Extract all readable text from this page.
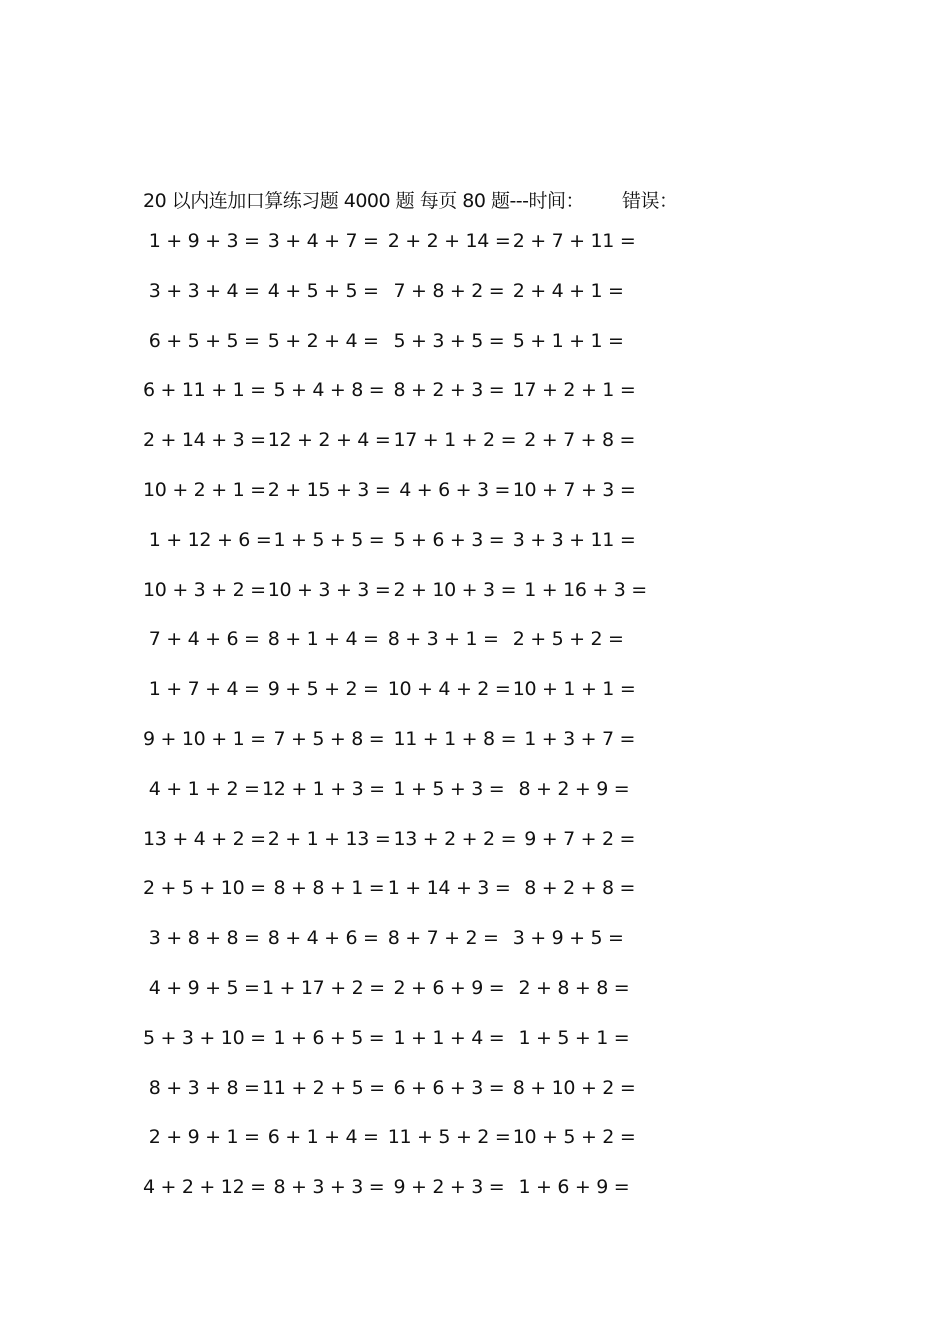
20 以内连加口算练习题 4000 题 每页 80 题---时间： 错误：
1 + 9 + 3 = 3 + 4 + 7 = 2 + 2 + 14 =
2 + 7 + 11 =
3 + 3 + 4 = 4 + 5 + 5 = 7 + 8 + 2 = 2 + 4 + 1 =
6 + 5 + 5 = 5 + 2 + 4 = 5 + 3 + 5 = 5 + 1 + 1 =
6 + 11 + 1 =
5 + 4 + 8 =
8 + 2 + 3 = 17 + 2 + 1 =
2 + 14 + 3 =
12 + 2 + 4 =
17 + 1 + 2 =
2 + 7 + 8 =
10 + 2 + 1 =
2 + 15 + 3 =
4 + 6 + 3 =
10 + 7 + 3 =
1 + 12 + 6 =
1 + 5 + 5 =
5 + 6 + 3 = 3 + 3 + 11 =
10 + 3 + 2 =
10 + 3 + 3 =
2 + 10 + 3 =
1 + 16 + 3 =
7 + 4 + 6 = 8 + 1 + 4 = 8 + 3 + 1 = 2 + 5 + 2 =
1 + 7 + 4 = 9 + 5 + 2 = 10 + 4 + 2 =
10 + 1 + 1 =
9 + 10 + 1 =
7 + 5 + 8 =
11 + 1 + 8 =
1 + 3 + 7 =
4 + 1 + 2 = 12 + 1 + 3 =
1 + 5 + 3 = 8 + 2 + 9 =
13 + 4 + 2 =
2 + 1 + 13 =
13 + 2 + 2 =
9 + 7 + 2 =
2 + 5 + 10 =
8 + 8 + 1 =
1 + 14 + 3 =
8 + 2 + 8 =
3 + 8 + 8 = 8 + 4 + 6 = 8 + 7 + 2 = 3 + 9 + 5 =
4 + 9 + 5 = 1 + 17 + 2 =
2 + 6 + 9 = 2 + 8 + 8 =
5 + 3 + 10 =
1 + 6 + 5 =
1 + 1 + 4 = 1 + 5 + 1 =
8 + 3 + 8 = 11 + 2 + 5 =
6 + 6 + 3 = 8 + 10 + 2 =
2 + 9 + 1 = 6 + 1 + 4 = 11 + 5 + 2 =
10 + 5 + 2 =
4 + 2 + 12 =
8 + 3 + 3 =
9 + 2 + 3 = 1 + 6 + 9 =
